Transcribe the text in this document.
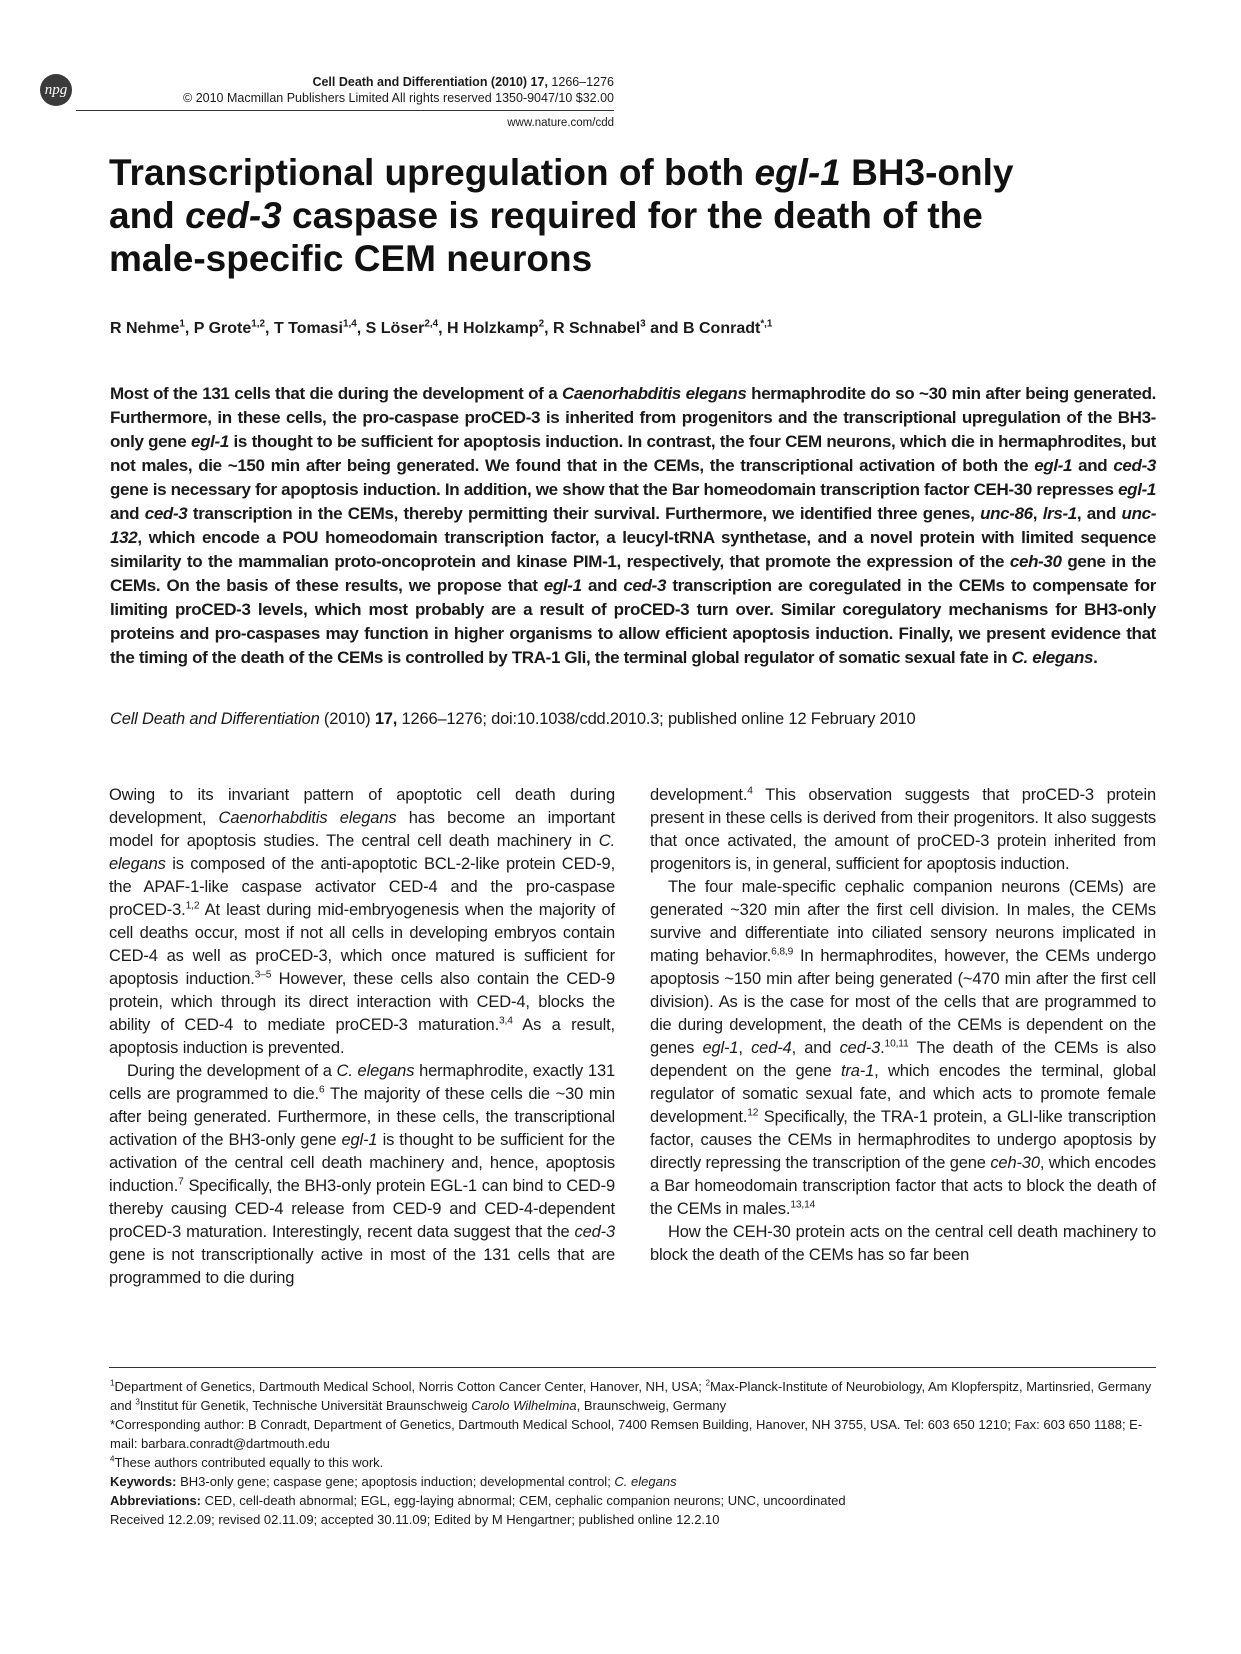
npg	Cell Death and Differentiation (2010) 17, 1266–1276
© 2010 Macmillan Publishers Limited All rights reserved 1350-9047/10 $32.00
www.nature.com/cdd
Transcriptional upregulation of both egl-1 BH3-only
and ced-3 caspase is required for the death of the
male-specific CEM neurons

R Nehme$^1$, P Grote$^{1,2}$, T Tomasi$^{1,4}$, S Löser$^{2,4}$, H Holzkamp$^2$, R Schnabel$^3$ and B Conradt$^{*,1}$

Most of the 131 cells that die during the development of a Caenorhabditis elegans hermaphrodite do so ~30 min after being generated. Furthermore, in these cells, the pro-caspase proCED-3 is inherited from progenitors and the transcriptional upregulation of the BH3-only gene egl-1 is thought to be sufficient for apoptosis induction. In contrast, the four CEM neurons, which die in hermaphrodites, but not males, die ~150 min after being generated. We found that in the CEMs, the transcriptional activation of both the egl-1 and ced-3 gene is necessary for apoptosis induction. In addition, we show that the Bar homeodomain transcription factor CEH-30 represses egl-1 and ced-3 transcription in the CEMs, thereby permitting their survival. Furthermore, we identified three genes, unc-86, lrs-1, and unc-132, which encode a POU homeodomain transcription factor, a leucyl-tRNA synthetase, and a novel protein with limited sequence similarity to the mammalian proto-oncoprotein and kinase PIM-1, respectively, that promote the expression of the ceh-30 gene in the CEMs. On the basis of these results, we propose that egl-1 and ced-3 transcription are coregulated in the CEMs to compensate for limiting proCED-3 levels, which most probably are a result of proCED-3 turn over. Similar coregulatory mechanisms for BH3-only proteins and pro-caspases may function in higher organisms to allow efficient apoptosis induction. Finally, we present evidence that the timing of the death of the CEMs is controlled by TRA-1 Gli, the terminal global regulator of somatic sexual fate in C. elegans.

Cell Death and Differentiation (2010) 17, 1266–1276; doi:10.1038/cdd.2010.3; published online 12 February 2010

Owing to its invariant pattern of apoptotic cell death during development, Caenorhabditis elegans has become an important model for apoptosis studies. The central cell death machinery in C. elegans is composed of the anti-apoptotic BCL-2-like protein CED-9, the APAF-1-like caspase activator CED-4 and the pro-caspase proCED-3.$^{1,2}$ At least during mid-embryogenesis when the majority of cell deaths occur, most if not all cells in developing embryos contain CED-4 as well as proCED-3, which once matured is sufficient for apoptosis induction.$^{3-5}$ However, these cells also contain the CED-9 protein, which through its direct interaction with CED-4, blocks the ability of CED-4 to mediate proCED-3 maturation.$^{3,4}$ As a result, apoptosis induction is prevented.

During the development of a C. elegans hermaphrodite, exactly 131 cells are programmed to die.$^6$ The majority of these cells die ~30 min after being generated. Furthermore, in these cells, the transcriptional activation of the BH3-only gene egl-1 is thought to be sufficient for the activation of the central cell death machinery and, hence, apoptosis induction.$^7$ Specifically, the BH3-only protein EGL-1 can bind to CED-9 thereby causing CED-4 release from CED-9 and CED-4-dependent proCED-3 maturation. Interestingly, recent data suggest that the ced-3 gene is not transcriptionally active in most of the 131 cells that are programmed to die during

development.$^4$ This observation suggests that proCED-3 protein present in these cells is derived from their progenitors. It also suggests that once activated, the amount of proCED-3 protein inherited from progenitors is, in general, sufficient for apoptosis induction.

The four male-specific cephalic companion neurons (CEMs) are generated ~320 min after the first cell division. In males, the CEMs survive and differentiate into ciliated sensory neurons implicated in mating behavior.$^{6,8,9}$ In hermaphrodites, however, the CEMs undergo apoptosis ~150 min after being generated (~470 min after the first cell division). As is the case for most of the cells that are programmed to die during development, the death of the CEMs is dependent on the genes egl-1, ced-4, and ced-3.$^{10,11}$ The death of the CEMs is also dependent on the gene tra-1, which encodes the terminal, global regulator of somatic sexual fate, and which acts to promote female development.$^{12}$ Specifically, the TRA-1 protein, a GLI-like transcription factor, causes the CEMs in hermaphrodites to undergo apoptosis by directly repressing the transcription of the gene ceh-30, which encodes a Bar homeodomain transcription factor that acts to block the death of the CEMs in males.$^{13,14}$

How the CEH-30 protein acts on the central cell death machinery to block the death of the CEMs has so far been

$^1$Department of Genetics, Dartmouth Medical School, Norris Cotton Cancer Center, Hanover, NH, USA; $^2$Max-Planck-Institute of Neurobiology, Am Klopferspitz, Martinsried, Germany and $^3$Institut für Genetik, Technische Universität Braunschweig Carolo Wilhelmina, Braunschweig, Germany
*Corresponding author: B Conradt, Department of Genetics, Dartmouth Medical School, 7400 Remsen Building, Hanover, NH 3755, USA. Tel: 603 650 1210; Fax: 603 650 1188; E-mail: barbara.conradt@dartmouth.edu
$^4$These authors contributed equally to this work.
Keywords: BH3-only gene; caspase gene; apoptosis induction; developmental control; C. elegans
Abbreviations: CED, cell-death abnormal; EGL, egg-laying abnormal; CEM, cephalic companion neurons; UNC, uncoordinated
Received 12.2.09; revised 02.11.09; accepted 30.11.09; Edited by M Hengartner; published online 12.2.10
